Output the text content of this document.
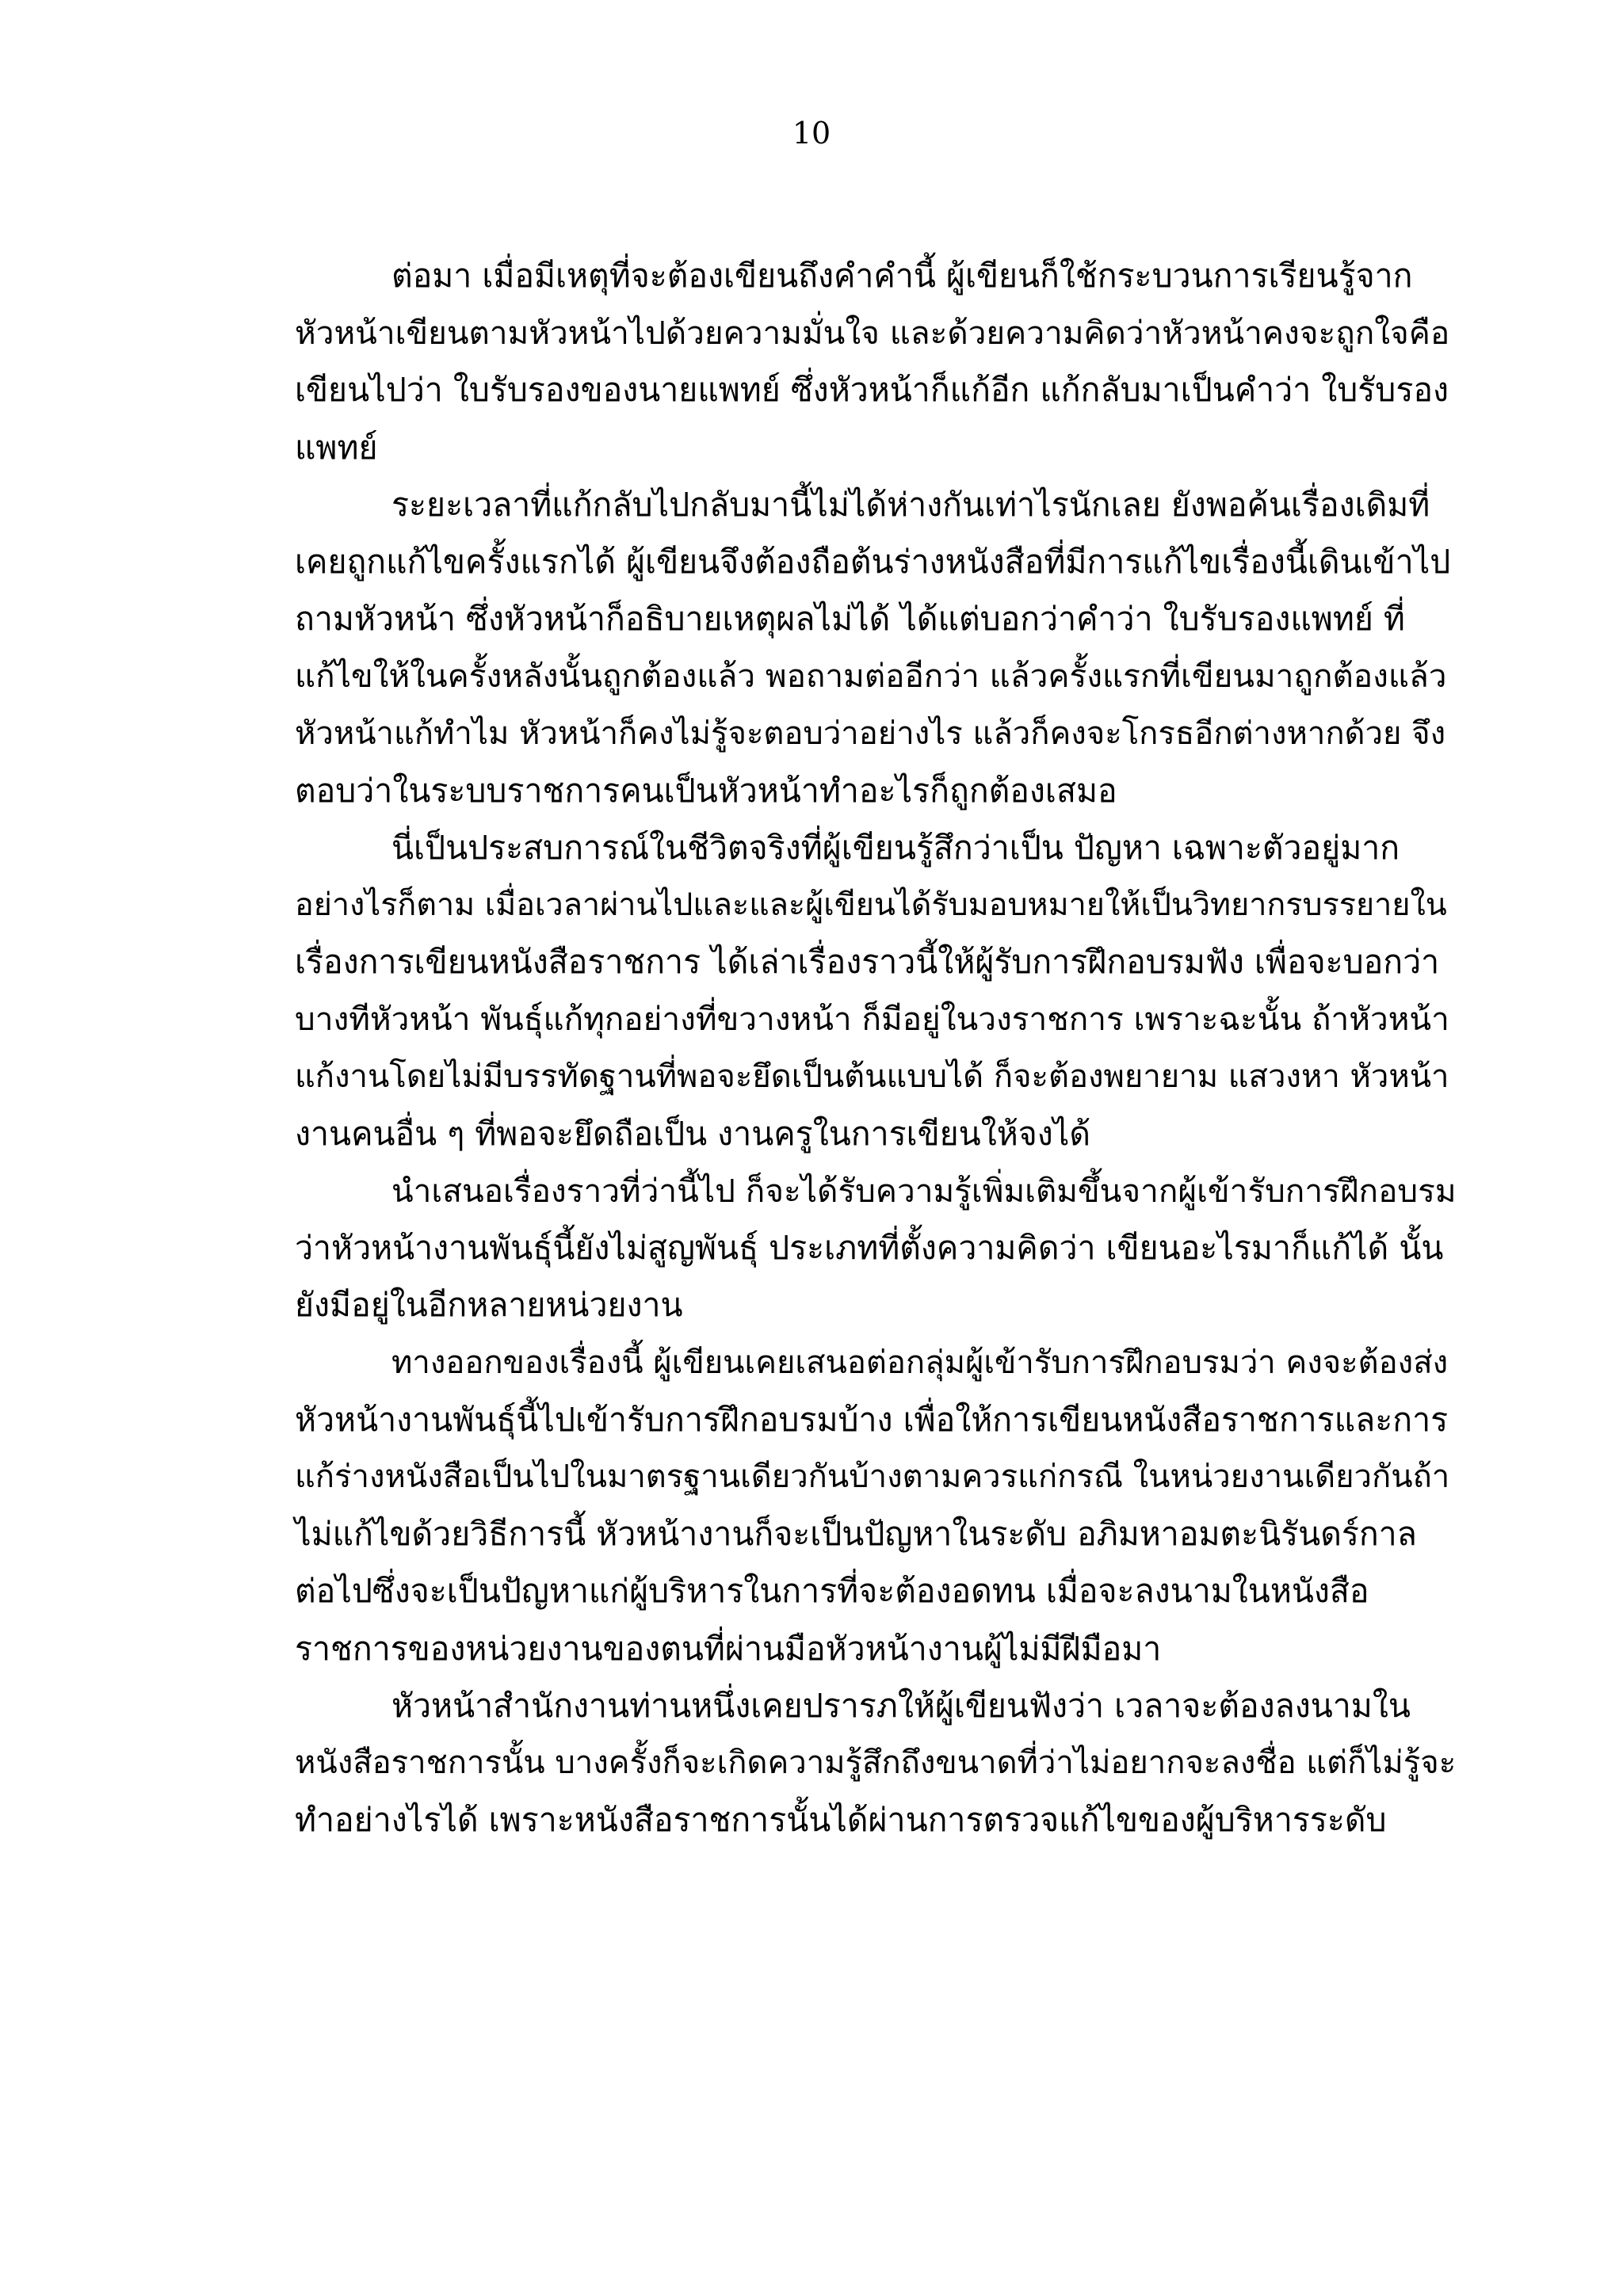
10
ต่อมา เมื่อมีเหตุที่จะต้องเขียนถึงคำคำนี้ ผู้เขียนก็ใช้กระบวนการเรียนรู้จาก
หัวหน้าเขียนตามหัวหน้าไปด้วยความมั่นใจ และด้วยความคิดว่าหัวหน้าคงจะถูกใจคือ
เขียนไปว่า ใบรับรองของนายแพทย์ ซึ่งหัวหน้าก็แก้อีก แก้กลับมาเป็นคำว่า ใบรับรอง
แพทย์
ระยะเวลาที่แก้กลับไปกลับมานี้ไม่ได้ห่างกันเท่าไรนักเลย ยังพอค้นเรื่องเดิมที่
เคยถูกแก้ไขครั้งแรกได้ ผู้เขียนจึงต้องถือต้นร่างหนังสือที่มีการแก้ไขเรื่องนี้เดินเข้าไป
ถามหัวหน้า ซึ่งหัวหน้าก็อธิบายเหตุผลไม่ได้ ได้แต่บอกว่าคำว่า ใบรับรองแพทย์ ที่
แก้ไขให้ในครั้งหลังนั้นถูกต้องแล้ว พอถามต่ออีกว่า แล้วครั้งแรกที่เขียนมาถูกต้องแล้ว
หัวหน้าแก้ทำไม หัวหน้าก็คงไม่รู้จะตอบว่าอย่างไร แล้วก็คงจะโกรธอีกต่างหากด้วย จึง
ตอบว่าในระบบราชการคนเป็นหัวหน้าทำอะไรก็ถูกต้องเสมอ
นี่เป็นประสบการณ์ในชีวิตจริงที่ผู้เขียนรู้สึกว่าเป็น ปัญหา เฉพาะตัวอยู่มาก
อย่างไรก็ตาม เมื่อเวลาผ่านไปและและผู้เขียนได้รับมอบหมายให้เป็นวิทยากรบรรยายใน
เรื่องการเขียนหนังสือราชการ ได้เล่าเรื่องราวนี้ให้ผู้รับการฝึกอบรมฟัง เพื่อจะบอกว่า
บางทีหัวหน้า พันธุ์แก้ทุกอย่างที่ขวางหน้า ก็มีอยู่ในวงราชการ เพราะฉะนั้น ถ้าหัวหน้า
แก้งานโดยไม่มีบรรทัดฐานที่พอจะยึดเป็นต้นแบบได้ ก็จะต้องพยายาม แสวงหา หัวหน้า
งานคนอื่น ๆ ที่พอจะยึดถือเป็น งานครูในการเขียนให้จงได้
นำเสนอเรื่องราวที่ว่านี้ไป ก็จะได้รับความรู้เพิ่มเติมขึ้นจากผู้เข้ารับการฝึกอบรม
ว่าหัวหน้างานพันธุ์นี้ยังไม่สูญพันธุ์ ประเภทที่ตั้งความคิดว่า เขียนอะไรมาก็แก้ได้ นั้น
ยังมีอยู่ในอีกหลายหน่วยงาน
ทางออกของเรื่องนี้ ผู้เขียนเคยเสนอต่อกลุ่มผู้เข้ารับการฝึกอบรมว่า คงจะต้องส่ง
หัวหน้างานพันธุ์นี้ไปเข้ารับการฝึกอบรมบ้าง เพื่อให้การเขียนหนังสือราชการและการ
แก้ร่างหนังสือเป็นไปในมาตรฐานเดียวกันบ้างตามควรแก่กรณี ในหน่วยงานเดียวกันถ้า
ไม่แก้ไขด้วยวิธีการนี้ หัวหน้างานก็จะเป็นปัญหาในระดับ อภิมหาอมตะนิรันดร์กาล
ต่อไปซึ่งจะเป็นปัญหาแก่ผู้บริหารในการที่จะต้องอดทน เมื่อจะลงนามในหนังสือ
ราชการของหน่วยงานของตนที่ผ่านมือหัวหน้างานผู้ไม่มีฝีมือมา
หัวหน้าสำนักงานท่านหนึ่งเคยปรารภให้ผู้เขียนฟังว่า เวลาจะต้องลงนามใน
หนังสือราชการนั้น บางครั้งก็จะเกิดความรู้สึกถึงขนาดที่ว่าไม่อยากจะลงชื่อ แต่ก็ไม่รู้จะ
ทำอย่างไรได้ เพราะหนังสือราชการนั้นได้ผ่านการตรวจแก้ไขของผู้บริหารระดับ
